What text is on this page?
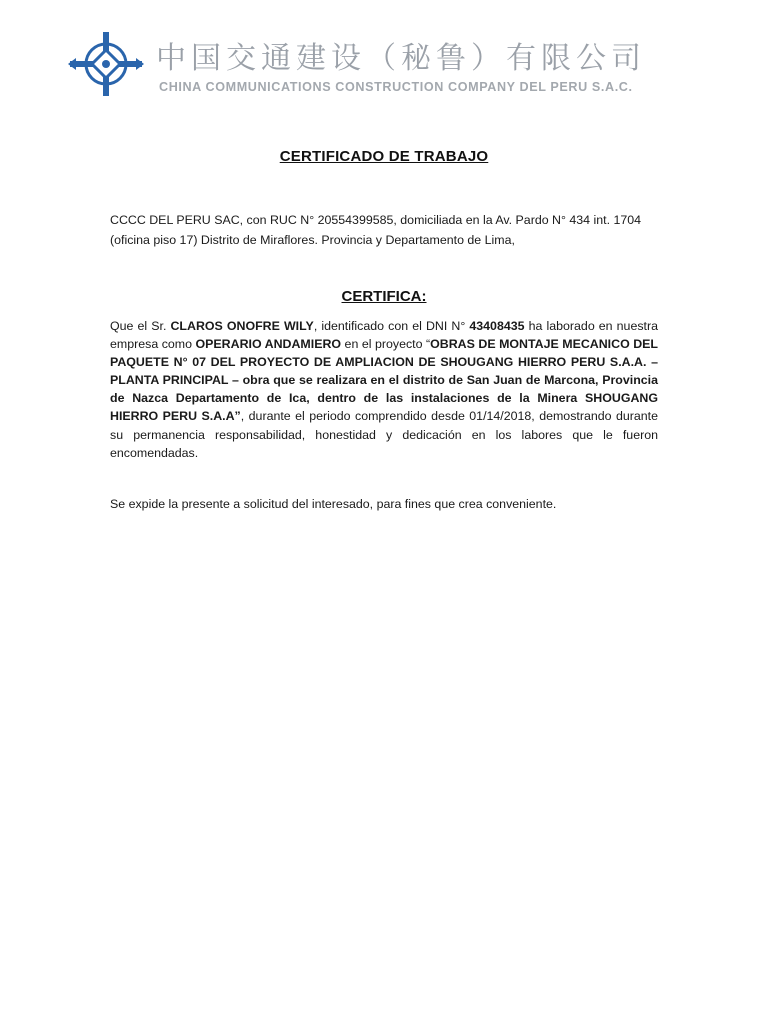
中国交通建设（秘鲁）有限公司
CHINA COMMUNICATIONS CONSTRUCTION COMPANY DEL PERU S.A.C.
CERTIFICADO DE TRABAJO

CCCC DEL PERU SAC, con RUC N° 20554399585, domiciliada en la Av. Pardo N° 434 int. 1704 (oficina piso 17) Distrito de Miraflores. Provincia y Departamento de Lima,

CERTIFICA:

Que el Sr. CLAROS ONOFRE WILY, identificado con el DNI N° 43408435 ha laborado en nuestra empresa como OPERARIO ANDAMIERO en el proyecto “OBRAS DE MONTAJE MECANICO DEL PAQUETE N° 07 DEL PROYECTO DE AMPLIACION DE SHOUGANG HIERRO PERU S.A.A. – PLANTA PRINCIPAL – obra que se realizara en el distrito de San Juan de Marcona, Provincia de Nazca Departamento de Ica, dentro de las instalaciones de la Minera SHOUGANG HIERRO PERU S.A.A”, durante el periodo comprendido desde 01/14/2018, demostrando durante su permanencia responsabilidad, honestidad y dedicación en los labores que le fueron encomendadas.

Se expide la presente a solicitud del interesado, para fines que crea conveniente.
